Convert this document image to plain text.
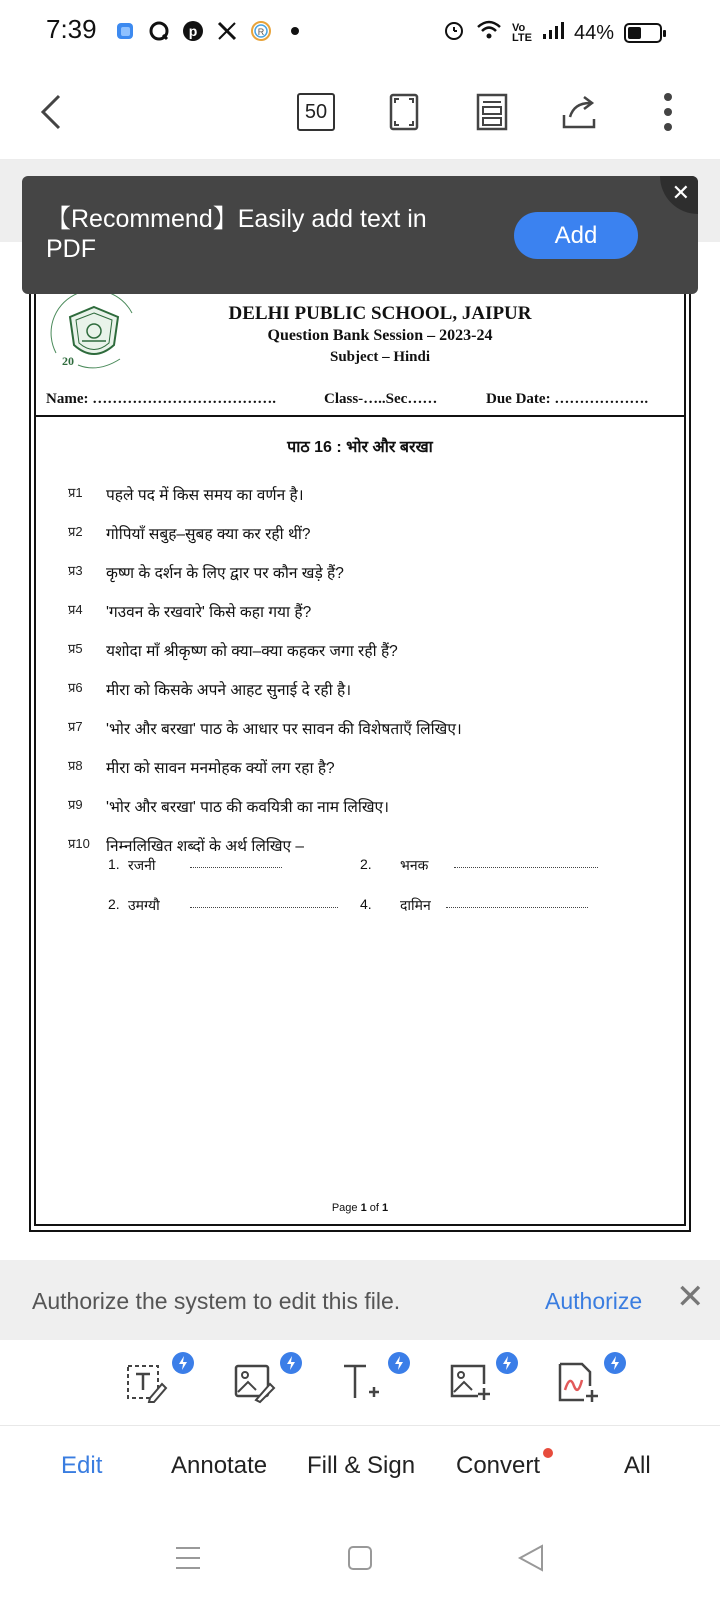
7:39	p	R	Vo LTE 44%
50
【Recommend】Easily add text in PDF	Add
✕
20
DELHI PUBLIC SCHOOL, JAIPUR
Question Bank Session – 2023-24
Subject – Hindi
Name: ……………………………….	Class-…..Sec……	Due Date: ……………….
पाठ 16 : भोर और बरखा
प्र1 पहले पद में किस समय का वर्णन है।
प्र2 गोपियाँ सबुह–सुबह क्या कर रही थीं?
प्र3 कृष्ण के दर्शन के लिए द्वार पर कौन खड़े हैं?
प्र4 'गउवन के रखवारे' किसे कहा गया हैं?
प्र5 यशोदा माँ श्रीकृष्ण को क्या–क्या कहकर जगा रही हैं?
प्र6 मीरा को किसके अपने आहट सुनाई दे रही है।
प्र7 'भोर और बरखा' पाठ के आधार पर सावन की विशेषताएँ लिखिए।
प्र8 मीरा को सावन मनमोहक क्यों लग रहा है?
प्र9 'भोर और बरखा' पाठ की कवयित्री का नाम लिखिए।
प्र10 निम्नलिखित शब्दों के अर्थ लिखिए –
1. रजनी	2. भनक
2. उमग्यौ	4. दामिन
Page 1 of 1
Authorize the system to edit this file.	Authorize ✕
Edit	Annotate Fill & Sign Convert	All
